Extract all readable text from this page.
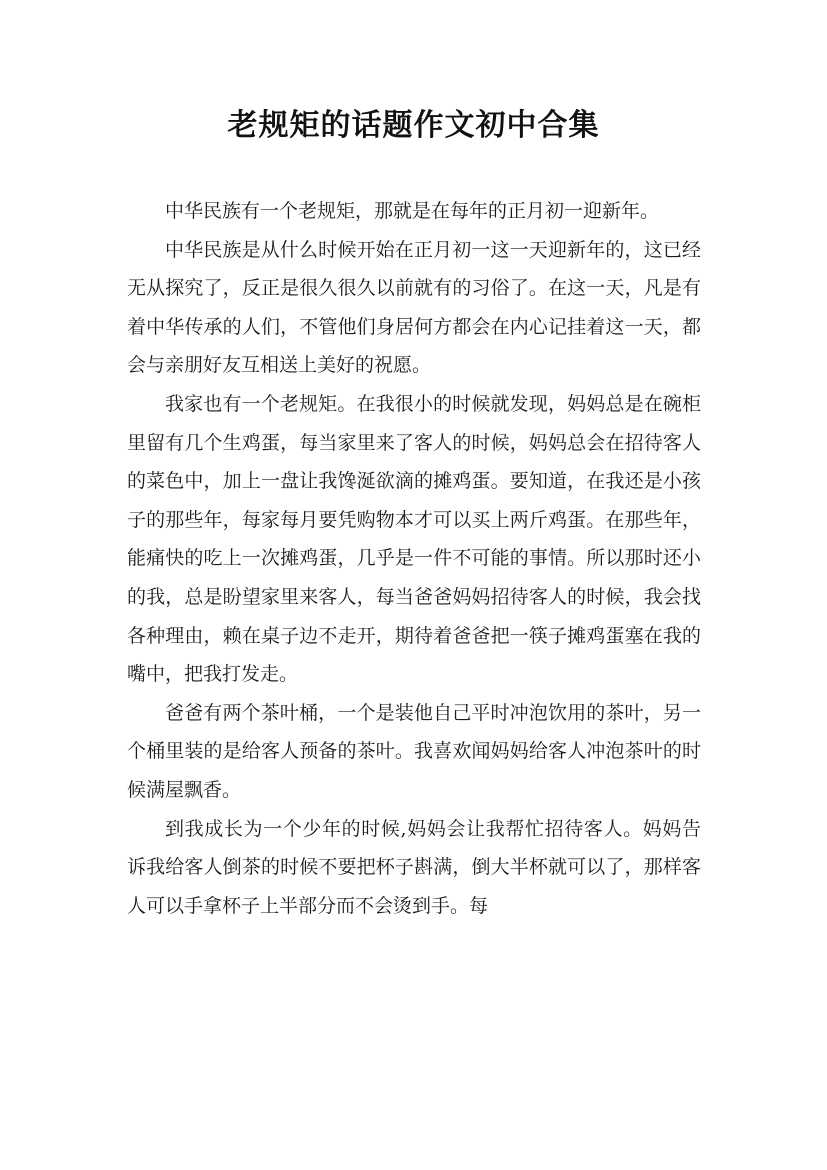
老规矩的话题作文初中合集

中华民族有一个老规矩，那就是在每年的正月初一迎新年。

中华民族是从什么时候开始在正月初一这一天迎新年的，这已经无从探究了，反正是很久很久以前就有的习俗了。在这一天，凡是有着中华传承的人们，不管他们身居何方都会在内心记挂着这一天，都会与亲朋好友互相送上美好的祝愿。

我家也有一个老规矩。在我很小的时候就发现，妈妈总是在碗柜里留有几个生鸡蛋，每当家里来了客人的时候，妈妈总会在招待客人的菜色中，加上一盘让我馋涎欲滴的摊鸡蛋。要知道，在我还是小孩子的那些年，每家每月要凭购物本才可以买上两斤鸡蛋。在那些年，能痛快的吃上一次摊鸡蛋，几乎是一件不可能的事情。所以那时还小的我，总是盼望家里来客人，每当爸爸妈妈招待客人的时候，我会找各种理由，赖在桌子边不走开，期待着爸爸把一筷子摊鸡蛋塞在我的嘴中，把我打发走。

爸爸有两个茶叶桶，一个是装他自己平时冲泡饮用的茶叶，另一个桶里装的是给客人预备的茶叶。我喜欢闻妈妈给客人冲泡茶叶的时候满屋飘香。

到我成长为一个少年的时候,妈妈会让我帮忙招待客人。妈妈告诉我给客人倒茶的时候不要把杯子斟满，倒大半杯就可以了，那样客人可以手拿杯子上半部分而不会烫到手。每
